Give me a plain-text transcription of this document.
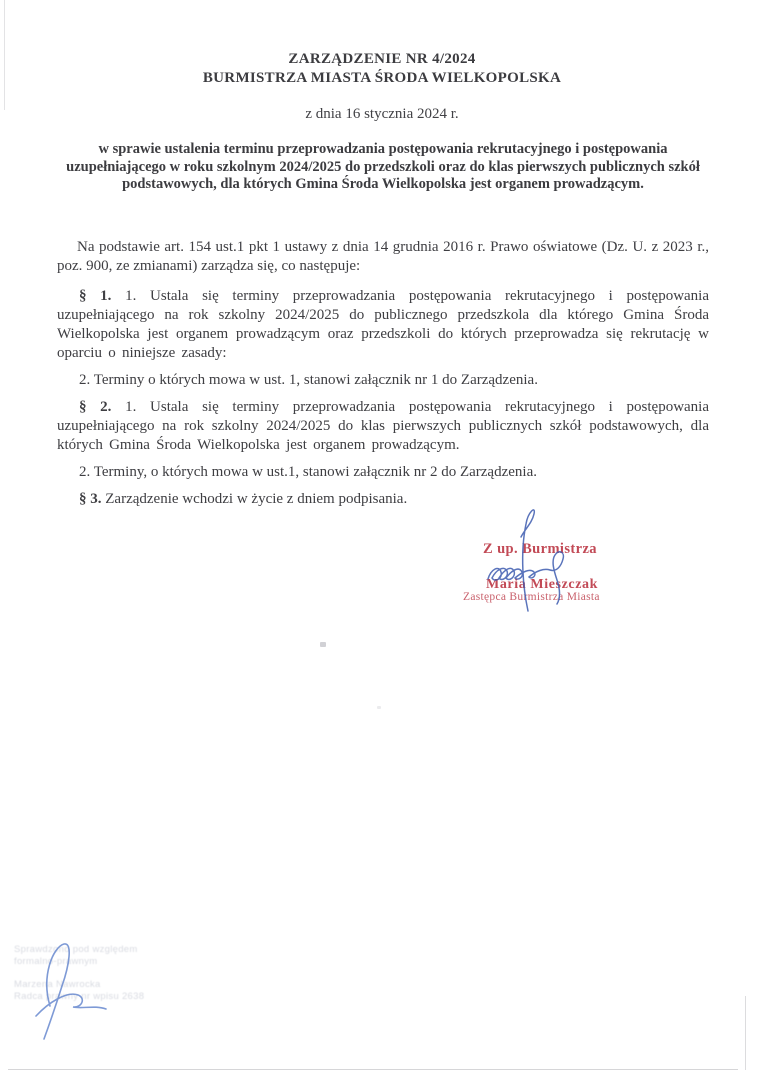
ZARZĄDZENIE NR 4/2024
BURMISTRZA MIASTA ŚRODA WIELKOPOLSKA
z dnia 16 stycznia 2024 r.
w sprawie ustalenia terminu przeprowadzania postępowania rekrutacyjnego i postępowania uzupełniającego w roku szkolnym 2024/2025 do przedszkoli oraz do klas pierwszych publicznych szkół podstawowych, dla których Gmina Środa Wielkopolska jest organem prowadzącym.

Na podstawie art. 154 ust.1 pkt 1 ustawy z dnia 14 grudnia 2016 r. Prawo oświatowe (Dz. U. z 2023 r., poz. 900, ze zmianami) zarządza się, co następuje:

§ 1. 1. Ustala się terminy przeprowadzania postępowania rekrutacyjnego i postępowania uzupełniającego na rok szkolny 2024/2025 do publicznego przedszkola dla którego Gmina Środa Wielkopolska jest organem prowadzącym oraz przedszkoli do których przeprowadza się rekrutację w oparciu o niniejsze zasady:

2. Terminy o których mowa w ust. 1, stanowi załącznik nr 1 do Zarządzenia.

§ 2. 1. Ustala się terminy przeprowadzania postępowania rekrutacyjnego i postępowania uzupełniającego na rok szkolny 2024/2025 do klas pierwszych publicznych szkół podstawowych, dla których Gmina Środa Wielkopolska jest organem prowadzącym.

2. Terminy, o których mowa w ust.1, stanowi załącznik nr 2 do Zarządzenia.

§ 3. Zarządzenie wchodzi w życie z dniem podpisania.

Z up. Burmistrza
Maria Mieszczak
Zastępca Burmistrza Miasta
Sprawdzono pod względem
formalno-prawnym
Marzena Nawrocka
Radca prawny nr wpisu 2638
